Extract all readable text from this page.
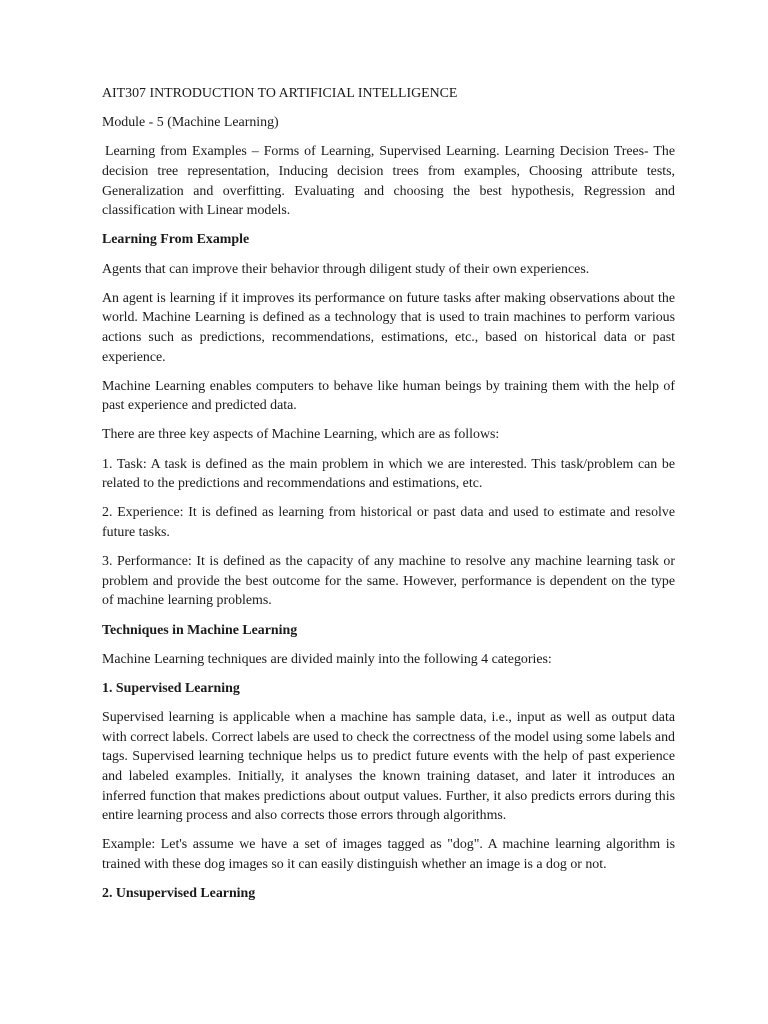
AIT307 INTRODUCTION TO ARTIFICIAL INTELLIGENCE

Module - 5 (Machine Learning)

Learning from Examples – Forms of Learning, Supervised Learning. Learning Decision Trees- The decision tree representation, Inducing decision trees from examples, Choosing attribute tests, Generalization and overfitting. Evaluating and choosing the best hypothesis, Regression and classification with Linear models.

Learning From Example

Agents that can improve their behavior through diligent study of their own experiences.

An agent is learning if it improves its performance on future tasks after making observations about the world. Machine Learning is defined as a technology that is used to train machines to perform various actions such as predictions, recommendations, estimations, etc., based on historical data or past experience.

Machine Learning enables computers to behave like human beings by training them with the help of past experience and predicted data.

There are three key aspects of Machine Learning, which are as follows:

1. Task: A task is defined as the main problem in which we are interested. This task/problem can be related to the predictions and recommendations and estimations, etc.

2. Experience: It is defined as learning from historical or past data and used to estimate and resolve future tasks.

3. Performance: It is defined as the capacity of any machine to resolve any machine learning task or problem and provide the best outcome for the same. However, performance is dependent on the type of machine learning problems.

Techniques in Machine Learning

Machine Learning techniques are divided mainly into the following 4 categories:

1. Supervised Learning

Supervised learning is applicable when a machine has sample data, i.e., input as well as output data with correct labels. Correct labels are used to check the correctness of the model using some labels and tags. Supervised learning technique helps us to predict future events with the help of past experience and labeled examples. Initially, it analyses the known training dataset, and later it introduces an inferred function that makes predictions about output values. Further, it also predicts errors during this entire learning process and also corrects those errors through algorithms.

Example: Let's assume we have a set of images tagged as "dog". A machine learning algorithm is trained with these dog images so it can easily distinguish whether an image is a dog or not.

2. Unsupervised Learning
